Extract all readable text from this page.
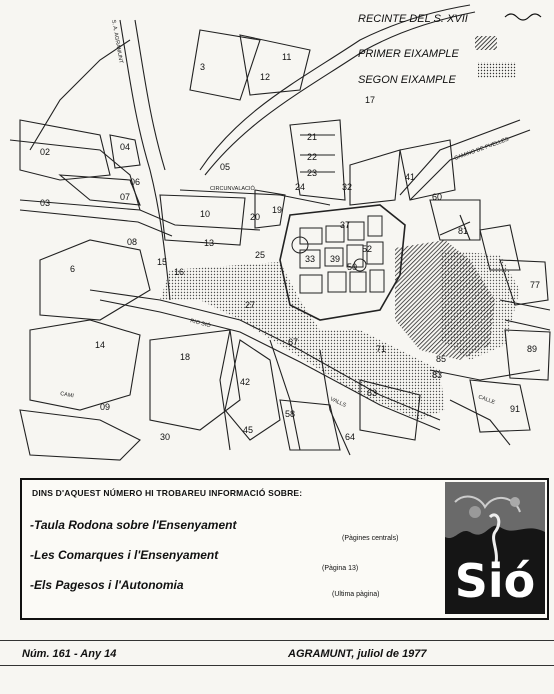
3
11
12
17
21
22
23
24	32
41
60
02	04
06
07
05
03
10	20
19
08	13
15
16
25
6
27
14
18
09
30
42
45
58
64
63
85
89
91
81
77
37
33 39
50
52
71
67
83
S. A. AGRAMUNT
CIRCUNVALACIÓ
CAMINO DE PUELLES
RIO SIÓ
CAMI
VALLS	CALLE
RECINTE DEL S. XVII
PRIMER EIXAMPLE
SEGON EIXAMPLE
DINS D'AQUEST NÚMERO HI TROBAREU INFORMACIÓ SOBRE:
-Taula Rodona sobre l'Ensenyament
(Pàgines centrals)
-Les Comarques i l'Ensenyament
(Pàgina 13)
-Els Pagesos i l'Autonomia
(Ultima pàgina) Sió
Núm. 161 - Any 14	AGRAMUNT, juliol de 1977
